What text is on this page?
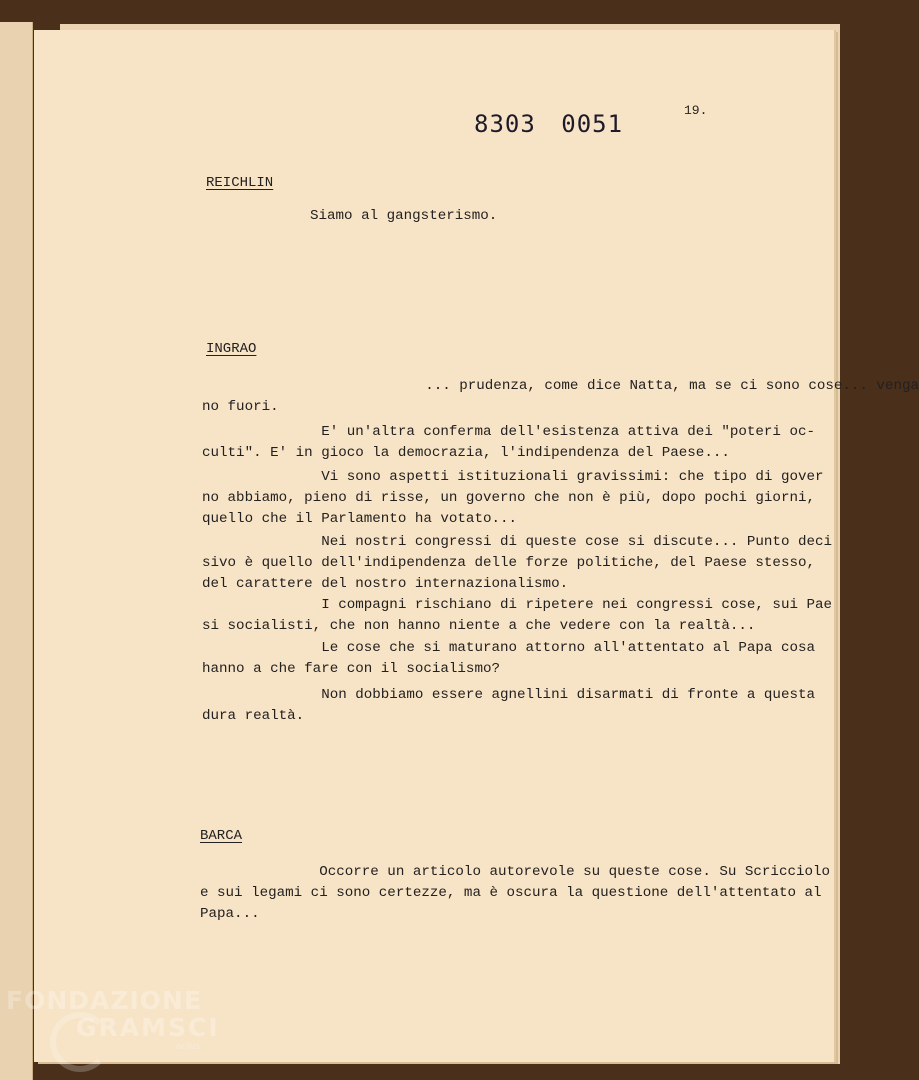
8303 0051	19.
REICHLIN
Siamo al gangsterismo.
INGRAO
... prudenza, come dice Natta, ma se ci sono cose... venga
no fuori.
E' un'altra conferma dell'esistenza attiva dei "poteri oc-
culti". E' in gioco la democrazia, l'indipendenza del Paese...
Vi sono aspetti istituzionali gravissimi: che tipo di gover
no abbiamo, pieno di risse, un governo che non è più, dopo pochi giorni,
quello che il Parlamento ha votato...
Nei nostri congressi di queste cose si discute... Punto deci
sivo è quello dell'indipendenza delle forze politiche, del Paese stesso,
del carattere del nostro internazionalismo.
I compagni rischiano di ripetere nei congressi cose, sui Pae
si socialisti, che non hanno niente a che vedere con la realtà...
Le cose che si maturano attorno all'attentato al Papa cosa
hanno a che fare con il socialismo?
Non dobbiamo essere agnellini disarmati di fronte a questa
dura realtà.
BARCA
Occorre un articolo autorevole su queste cose. Su Scricciolo
e sui legami ci sono certezze, ma è oscura la questione dell'attentato al
Papa...
FONDAZIONE
GRAMSCI
onlus
